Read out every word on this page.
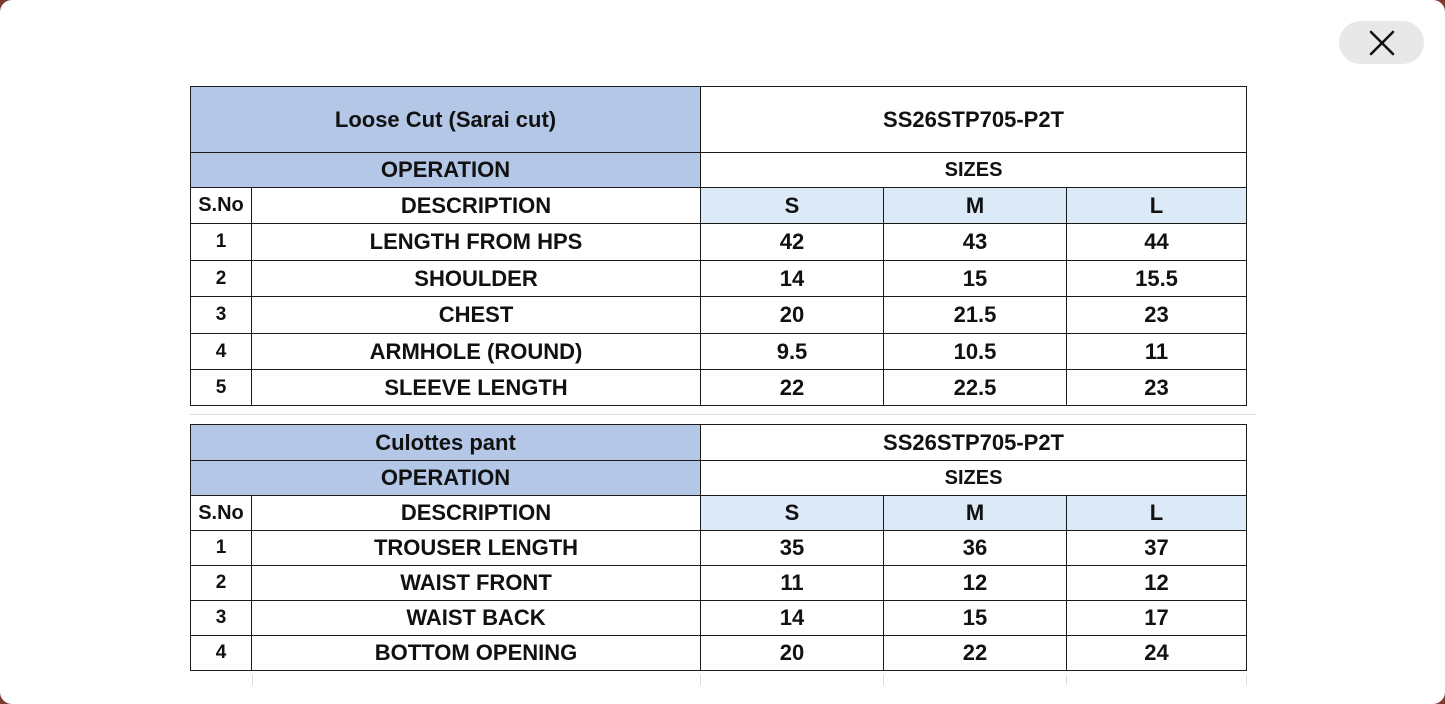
Loose Cut (Sarai cut)		SS26STP705-P2T		
OPERATION		SIZES		
S.No	DESCRIPTION	S	M	L
1	LENGTH FROM HPS	42	43	44
2	SHOULDER	14	15	15.5
3	CHEST	20	21.5	23
4	ARMHOLE (ROUND)	9.5	10.5	11
5	SLEEVE LENGTH	22	22.5	23
Culottes pant		SS26STP705-P2T		
OPERATION		SIZES		
S.No	DESCRIPTION	S	M	L
1	TROUSER LENGTH	35	36	37
2	WAIST FRONT	11	12	12
3	WAIST BACK	14	15	17
4	BOTTOM OPENING	20	22	24
